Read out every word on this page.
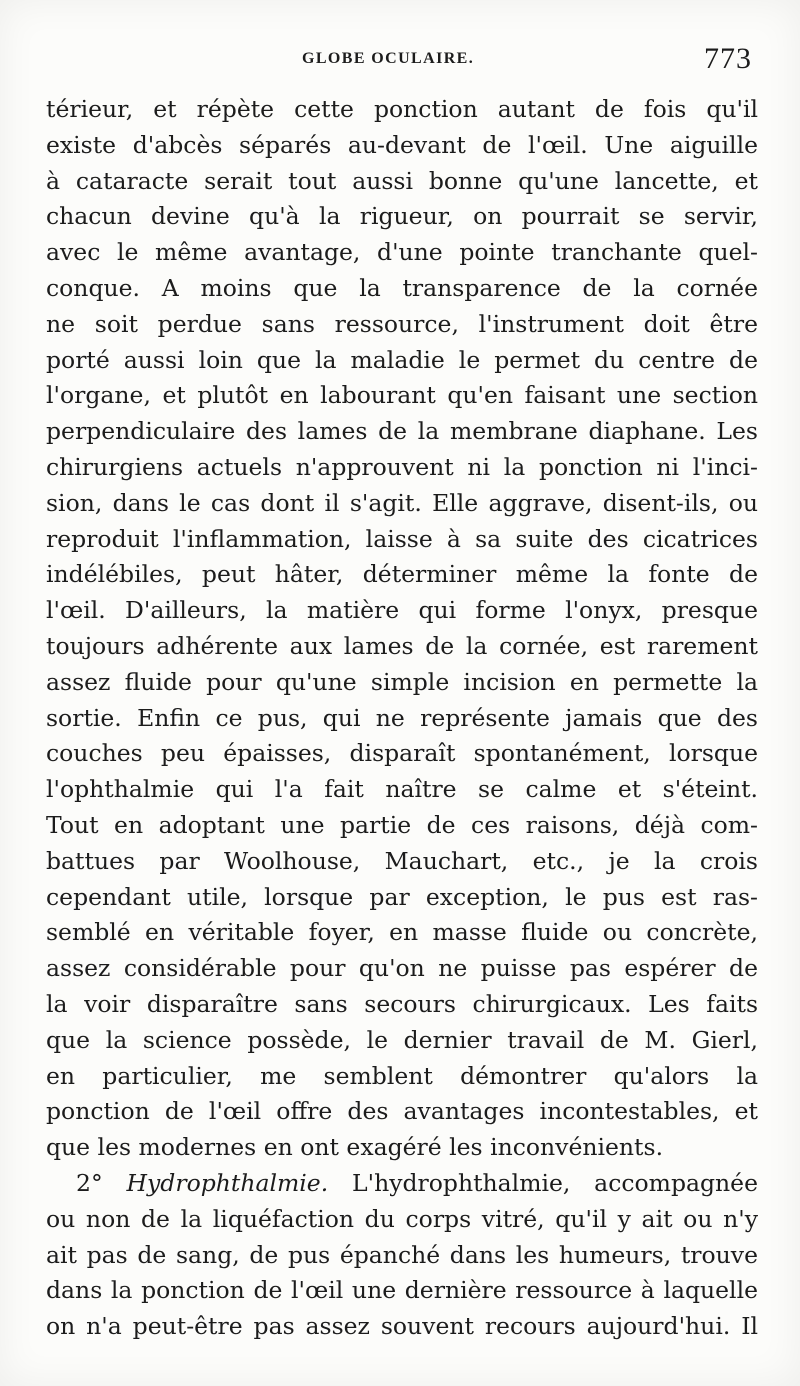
GLOBE OCULAIRE.	773
térieur, et répète cette ponction autant de fois qu'il
existe d'abcès séparés au-devant de l'œil. Une aiguille
à cataracte serait tout aussi bonne qu'une lancette, et
chacun devine qu'à la rigueur, on pourrait se servir,
avec le même avantage, d'une pointe tranchante quel-
conque. A moins que la transparence de la cornée
ne soit perdue sans ressource, l'instrument doit être
porté aussi loin que la maladie le permet du centre de
l'organe, et plutôt en labourant qu'en faisant une section
perpendiculaire des lames de la membrane diaphane. Les
chirurgiens actuels n'approuvent ni la ponction ni l'inci-
sion, dans le cas dont il s'agit. Elle aggrave, disent-ils, ou
reproduit l'inflammation, laisse à sa suite des cicatrices
indélébiles, peut hâter, déterminer même la fonte de
l'œil. D'ailleurs, la matière qui forme l'onyx, presque
toujours adhérente aux lames de la cornée, est rarement
assez fluide pour qu'une simple incision en permette la
sortie. Enfin ce pus, qui ne représente jamais que des
couches peu épaisses, disparaît spontanément, lorsque
l'ophthalmie qui l'a fait naître se calme et s'éteint.
Tout en adoptant une partie de ces raisons, déjà com-
battues par Woolhouse, Mauchart, etc., je la crois
cependant utile, lorsque par exception, le pus est ras-
semblé en véritable foyer, en masse fluide ou concrète,
assez considérable pour qu'on ne puisse pas espérer de
la voir disparaître sans secours chirurgicaux. Les faits
que la science possède, le dernier travail de M. Gierl,
en particulier, me semblent démontrer qu'alors la
ponction de l'œil offre des avantages incontestables, et
que les modernes en ont exagéré les inconvénients.
2° Hydrophthalmie. L'hydrophthalmie, accompagnée
ou non de la liquéfaction du corps vitré, qu'il y ait ou n'y
ait pas de sang, de pus épanché dans les humeurs, trouve
dans la ponction de l'œil une dernière ressource à laquelle
on n'a peut-être pas assez souvent recours aujourd'hui. Il
